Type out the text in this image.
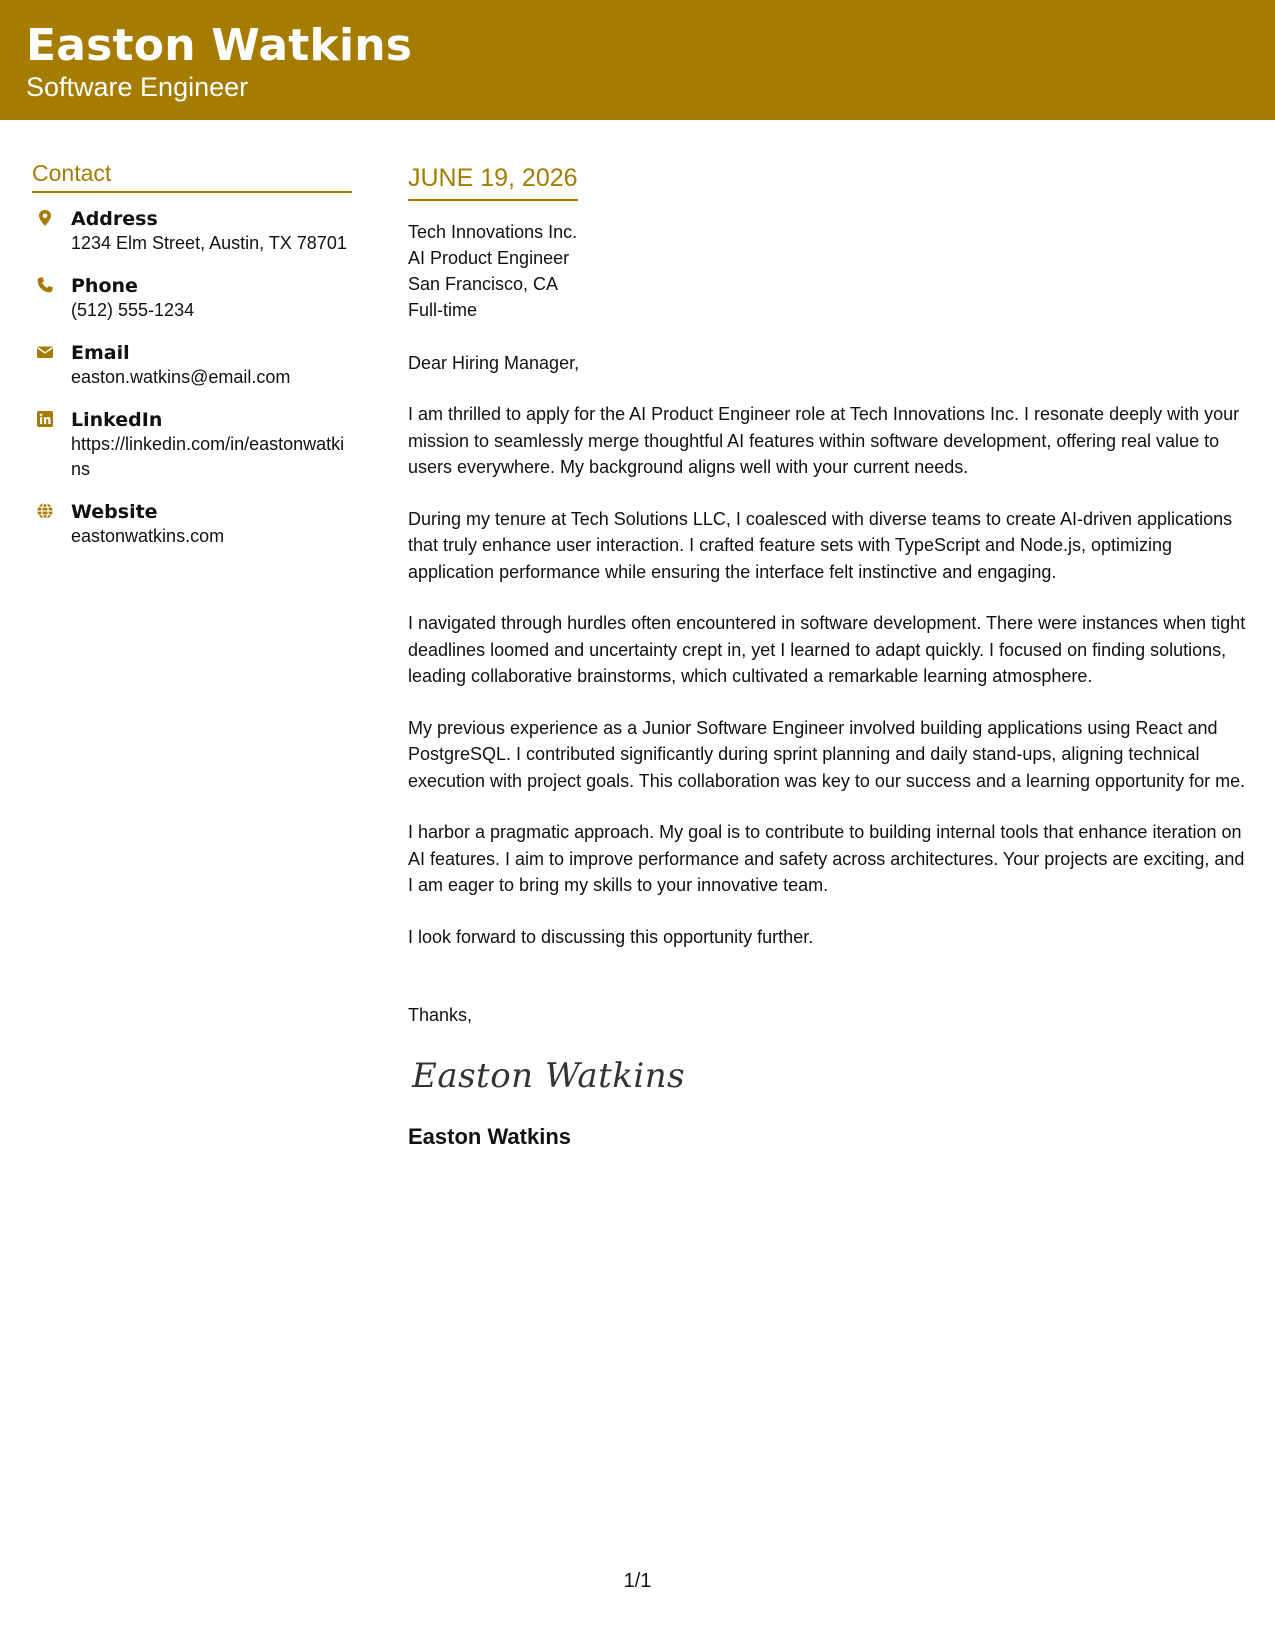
Easton Watkins
Software Engineer
Contact
Address
1234 Elm Street, Austin, TX 78701
Phone
(512) 555-1234
Email
easton.watkins@email.com
LinkedIn
https://linkedin.com/in/eastonwatkins
Website
eastonwatkins.com
JUNE 19, 2026
Tech Innovations Inc.
AI Product Engineer
San Francisco, CA
Full-time
Dear Hiring Manager,
I am thrilled to apply for the AI Product Engineer role at Tech Innovations Inc. I resonate deeply with your mission to seamlessly merge thoughtful AI features within software development, offering real value to users everywhere. My background aligns well with your current needs.
During my tenure at Tech Solutions LLC, I coalesced with diverse teams to create AI-driven applications that truly enhance user interaction. I crafted feature sets with TypeScript and Node.js, optimizing application performance while ensuring the interface felt instinctive and engaging.
I navigated through hurdles often encountered in software development. There were instances when tight deadlines loomed and uncertainty crept in, yet I learned to adapt quickly. I focused on finding solutions, leading collaborative brainstorms, which cultivated a remarkable learning atmosphere.
My previous experience as a Junior Software Engineer involved building applications using React and PostgreSQL. I contributed significantly during sprint planning and daily stand-ups, aligning technical execution with project goals. This collaboration was key to our success and a learning opportunity for me.
I harbor a pragmatic approach. My goal is to contribute to building internal tools that enhance iteration on AI features. I aim to improve performance and safety across architectures. Your projects are exciting, and I am eager to bring my skills to your innovative team.
I look forward to discussing this opportunity further.
Thanks,
Easton Watkins
Easton Watkins
1/1
